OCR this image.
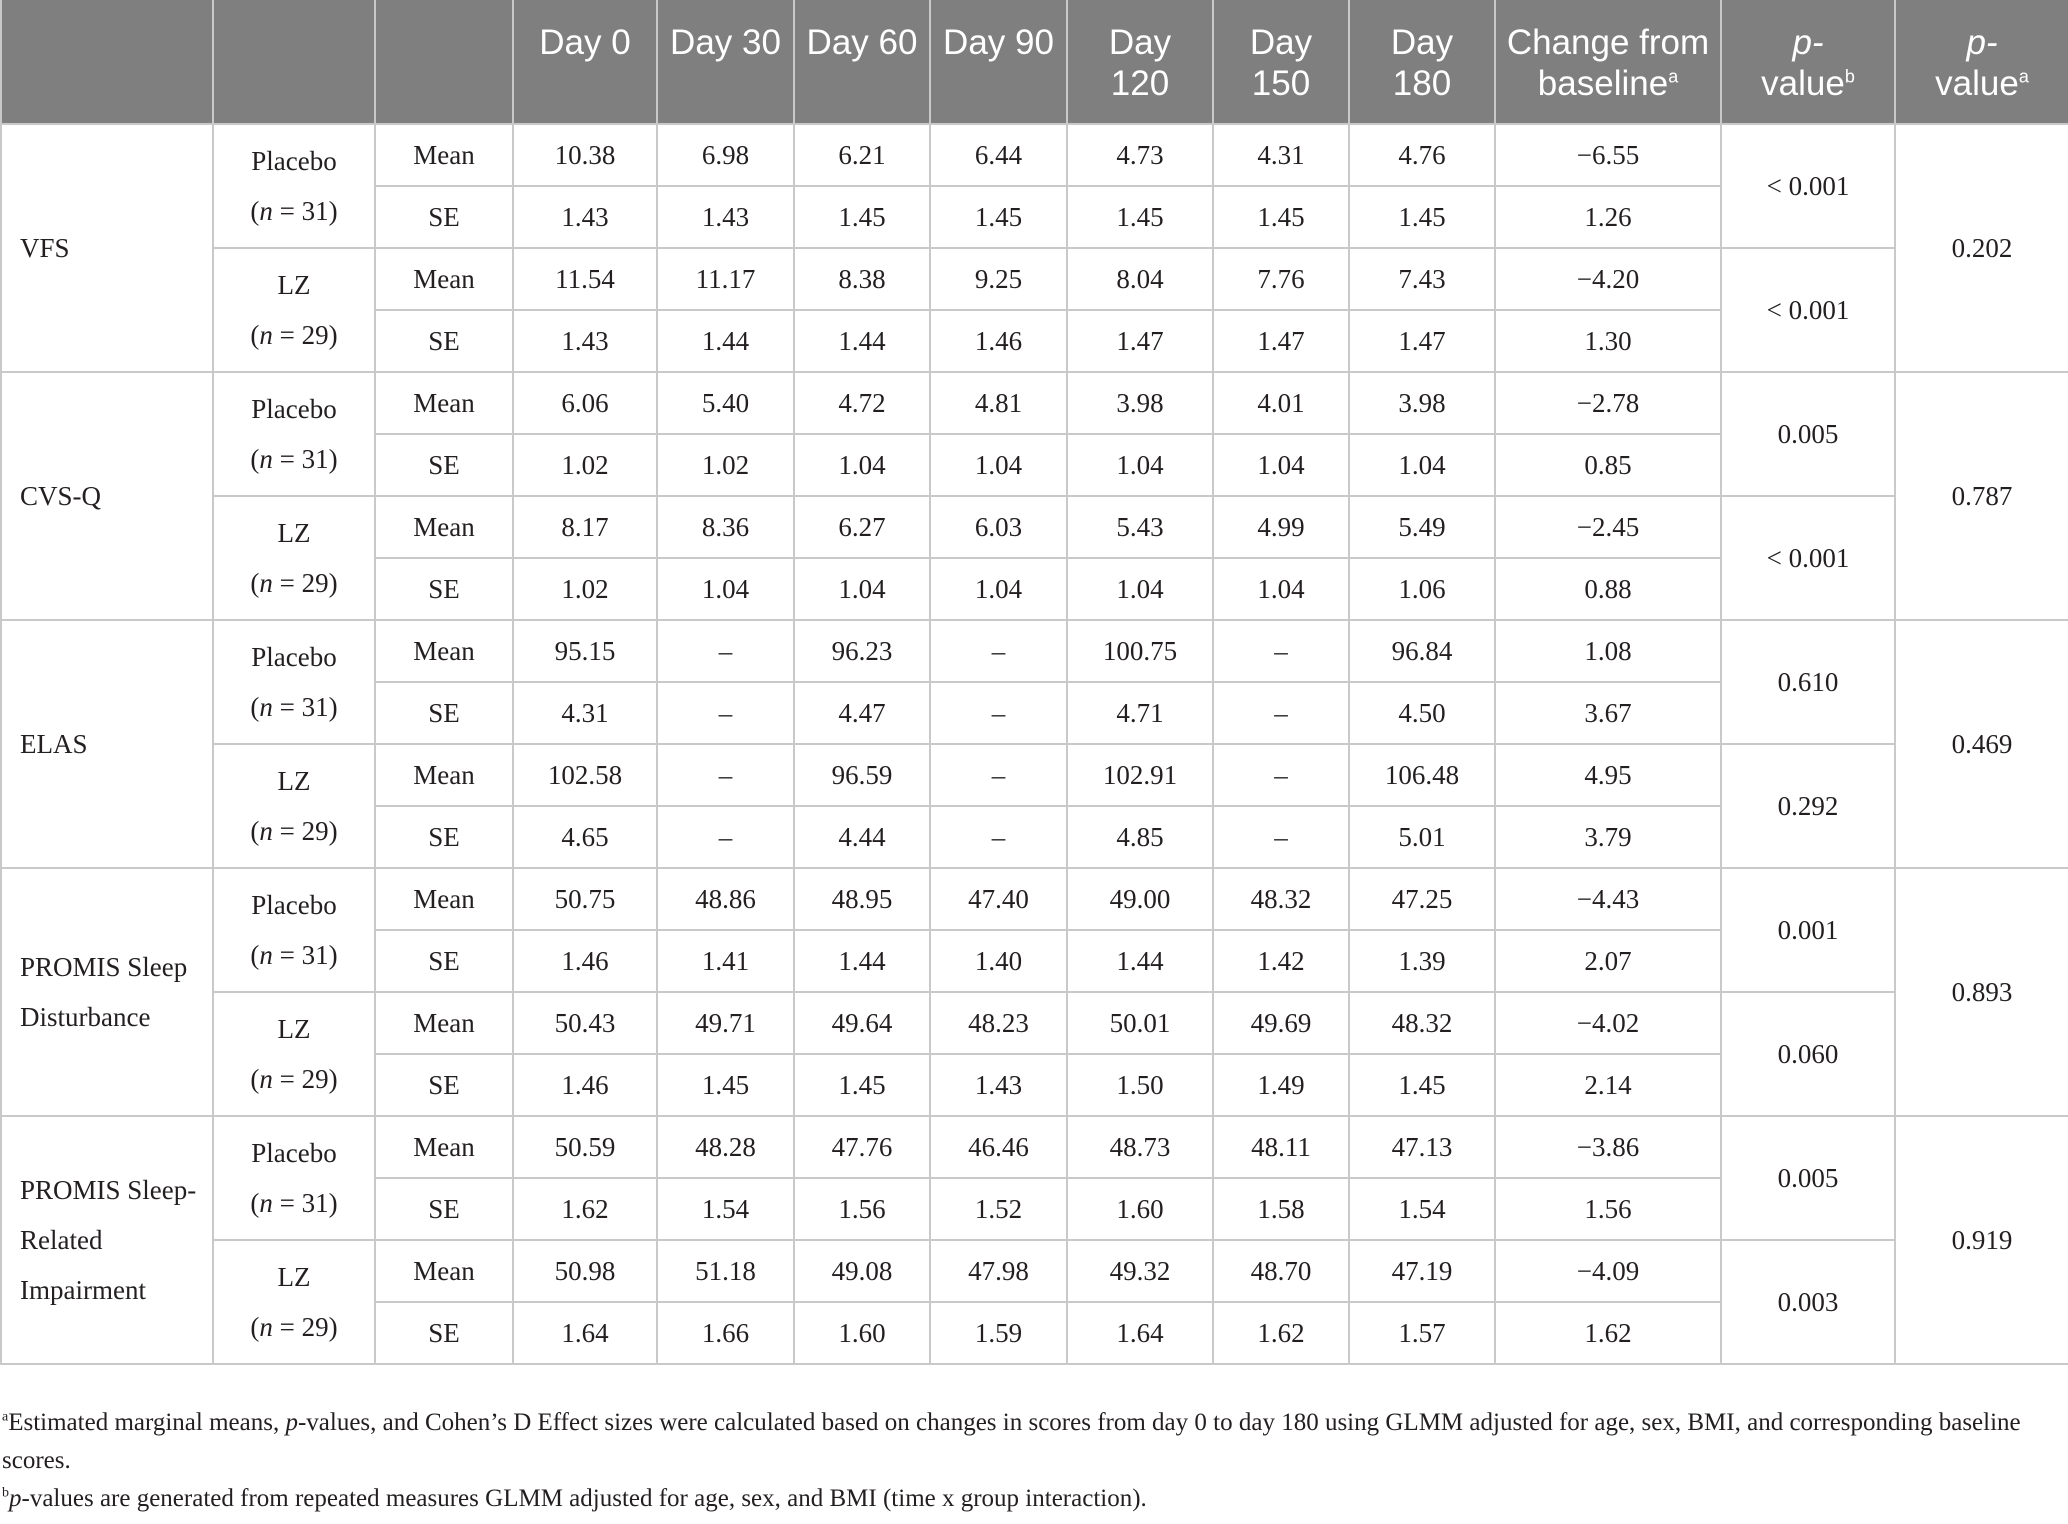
			Day 0	Day 30	Day 60	Day 90	Day 120	Day 150	Day 180	Change from baseline$^a$	p-
value$^b$	p-
value$^a$
VFS	Placebo
(n = 31)	Mean	10.38	6.98	6.21	6.44	4.73	4.31	4.76	−6.55	< 0.001	0.202
		SE	1.43	1.43	1.45	1.45	1.45	1.45	1.45	1.26		

	LZ
(n = 29)	Mean	11.54	11.17	8.38	9.25	8.04	7.76	7.43	−4.20	< 0.001	
		SE	1.43	1.44	1.44	1.46	1.47	1.47	1.47	1.30		
CVS-Q	Placebo
(n = 31)	Mean	6.06	5.40	4.72	4.81	3.98	4.01	3.98	−2.78	0.005	0.787
		SE	1.02	1.02	1.04	1.04	1.04	1.04	1.04	0.85		

	LZ
(n = 29)	Mean	8.17	8.36	6.27	6.03	5.43	4.99	5.49	−2.45	< 0.001	
		SE	1.02	1.04	1.04	1.04	1.04	1.04	1.06	0.88		
ELAS	Placebo
(n = 31)	Mean	95.15	–	96.23	–	100.75	–	96.84	1.08	0.610	0.469
		SE	4.31	–	4.47	–	4.71	–	4.50	3.67		

	LZ
(n = 29)	Mean	102.58	–	96.59	–	102.91	–	106.48	4.95	0.292	
		SE	4.65	–	4.44	–	4.85	–	5.01	3.79		
PROMIS Sleep Disturbance	Placebo
(n = 31)	Mean	50.75	48.86	48.95	47.40	49.00	48.32	47.25	−4.43	0.001	0.893
		SE	1.46	1.41	1.44	1.40	1.44	1.42	1.39	2.07		

	LZ
(n = 29)	Mean	50.43	49.71	49.64	48.23	50.01	49.69	48.32	−4.02	0.060	
		SE	1.46	1.45	1.45	1.43	1.50	1.49	1.45	2.14		
PROMIS Sleep-Related Impairment	Placebo
(n = 31)	Mean	50.59	48.28	47.76	46.46	48.73	48.11	47.13	−3.86	0.005	0.919
		SE	1.62	1.54	1.56	1.52	1.60	1.58	1.54	1.56		

	LZ
(n = 29)	Mean	50.98	51.18	49.08	47.98	49.32	48.70	47.19	−4.09	0.003	
		SE	1.64	1.66	1.60	1.59	1.64	1.62	1.57	1.62		

$^a$Estimated marginal means, p-values, and Cohen’s D Effect sizes were calculated based on changes in scores from day 0 to day 180 using GLMM adjusted for age, sex, BMI, and corresponding baseline scores.

$^b$p-values are generated from repeated measures GLMM adjusted for age, sex, and BMI (time x group interaction).
